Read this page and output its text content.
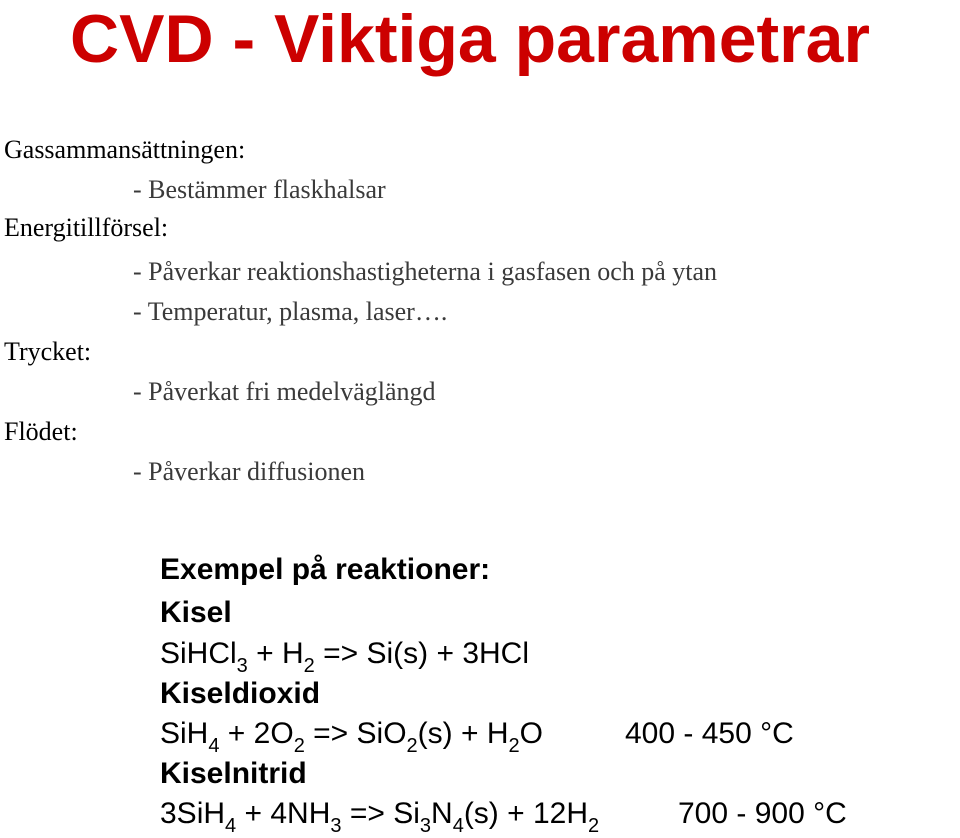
CVD - Viktiga parametrar
Gassammansättningen:
- Bestämmer flaskhalsar
Energitillförsel:
- Påverkar reaktionshastigheterna i gasfasen och på ytan
- Temperatur, plasma, laser….
Trycket:
- Påverkat fri medelväglängd
Flödet:
- Påverkar diffusionen
Exempel på reaktioner:
Kisel
SiHCl$_3$ + $H_2 => Si(s) + 3HCl$
Kiseldioxid
$SiH_4 + 2O_2 => SiO_2(s) + H_2O$	400 - 450 °C
Kiselnitrid
$3SiH_4 + 4NH_3 => Si_3N_4(s) + 12H_2$	700 - 900 °C
